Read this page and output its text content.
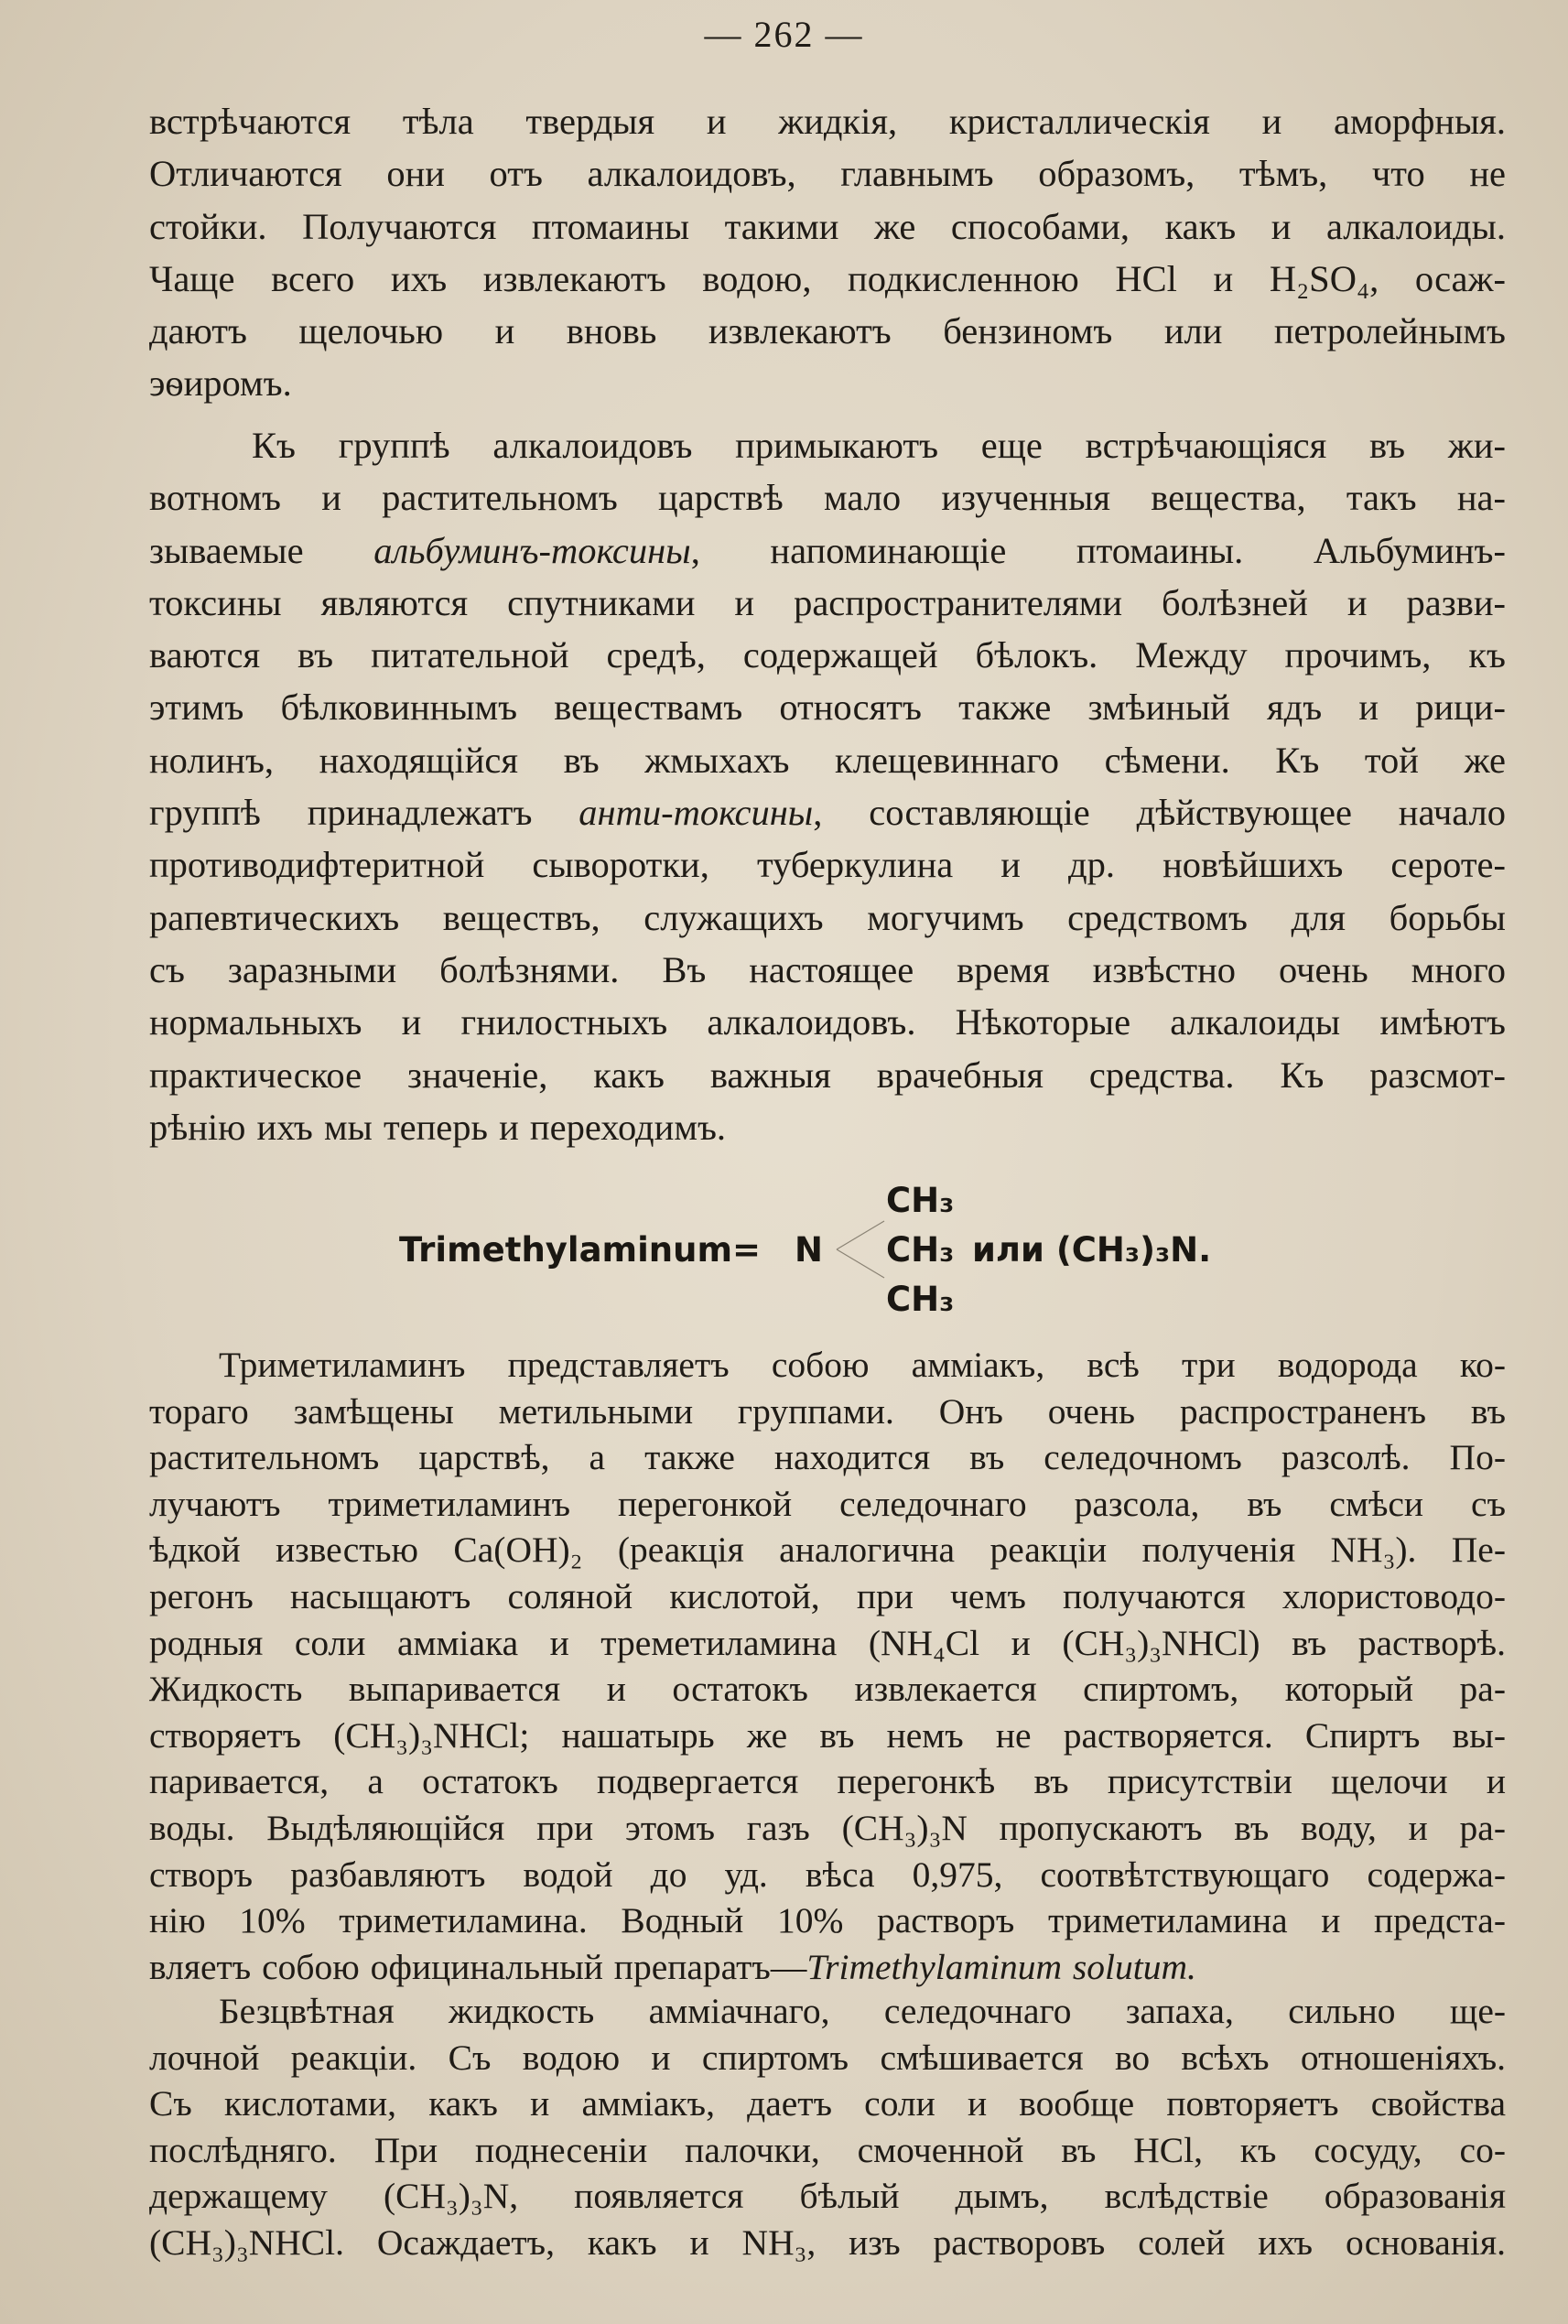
— 262 —
встрѣчаются тѣла твердыя и жидкія, кристаллическія и аморфныя.
Отличаются они отъ алкалоидовъ, главнымъ образомъ, тѣмъ, что не
стойки. Получаются птомаины такими же способами, какъ и алкалоиды.
Чаще всего ихъ извлекаютъ водою, подкисленною HCl и H₂SO₄, осаж-
даютъ щелочью и вновь извлекаютъ бензиномъ или петролейнымъ
эѳиромъ.
Къ группѣ алкалоидовъ примыкаютъ еще встрѣчающіяся въ жи-
вотномъ и растительномъ царствѣ мало изученныя вещества, такъ на-
зываемые альбуминъ-токсины, напоминающіе птомаины. Альбуминъ-
токсины являются спутниками и распространителями болѣзней и разви-
ваются въ питательной средѣ, содержащей бѣлокъ. Между прочимъ, къ
этимъ бѣлковиннымъ веществамъ относятъ также змѣиный ядъ и рици-
нолинъ, находящійся въ жмыхахъ клещевиннаго сѣмени. Къ той же
группѣ принадлежатъ анти-токсины, составляющіе дѣйствующее начало
противодифтеритной сыворотки, туберкулина и др. новѣйшихъ серотe-
рапевтическихъ веществъ, служащихъ могучимъ средствомъ для борьбы
съ заразными болѣзнями. Въ настоящее время извѣстно очень много
нормальныхъ и гнилостныхъ алкалоидовъ. Нѣкоторые алкалоиды имѣютъ
практическое значеніе, какъ важныя врачебныя средства. Къ разсмот-
рѣнію ихъ мы теперь и переходимъ.
Trimethylaminum = N
CH₃
CH₃
CH₃
или (CH₃)₃N.
Триметиламинъ представляетъ собою амміакъ, всѣ три водорода ко-
тораго замѣщены метильными группами. Онъ очень распространенъ въ
растительномъ царствѣ, а также находится въ селедочномъ разсолѣ. По-
лучаютъ триметиламинъ перегонкой селедочнаго разсола, въ смѣси съ
ѣдкой известью Ca(OH)₂ (реакція аналогична реакціи полученія NH₃). Пе-
регонъ насыщаютъ соляной кислотой, при чемъ получаются хлористоводо-
родныя соли амміака и треметиламина (NH₄Cl и (CH₃)₃NHCl) въ растворѣ.
Жидкость выпаривается и остатокъ извлекается спиртомъ, который ра-
створяетъ (CH₃)₃NHCl; нашатырь же въ немъ не растворяется. Спиртъ вы-
паривается, а остатокъ подвергается перегонкѣ въ присутствіи щелочи и
воды. Выдѣляющійся при этомъ газъ (CH₃)₃N пропускаютъ въ воду, и ра-
створъ разбавляютъ водой до уд. вѣса 0,975, соотвѣтствующаго содержа-
нію 10% триметиламина. Водный 10% растворъ триметиламина и предста-
вляетъ собою официнальный препаратъ—Trimethylaminum solutum.
Безцвѣтная жидкость амміачнаго, селедочнаго запаха, сильно ще-
лочной реакціи. Съ водою и спиртомъ смѣшивается во всѣхъ отношеніяхъ.
Съ кислотами, какъ и амміакъ, даетъ соли и вообще повторяетъ свойства
послѣдняго. При поднесеніи палочки, смоченной въ HCl, къ сосуду, со-
держащему (CH₃)₃N, появляется бѣлый дымъ, вслѣдствіе образованія
(CH₃)₃NHCl. Осаждаетъ, какъ и NH₃, изъ растворовъ солей ихъ основанія.
